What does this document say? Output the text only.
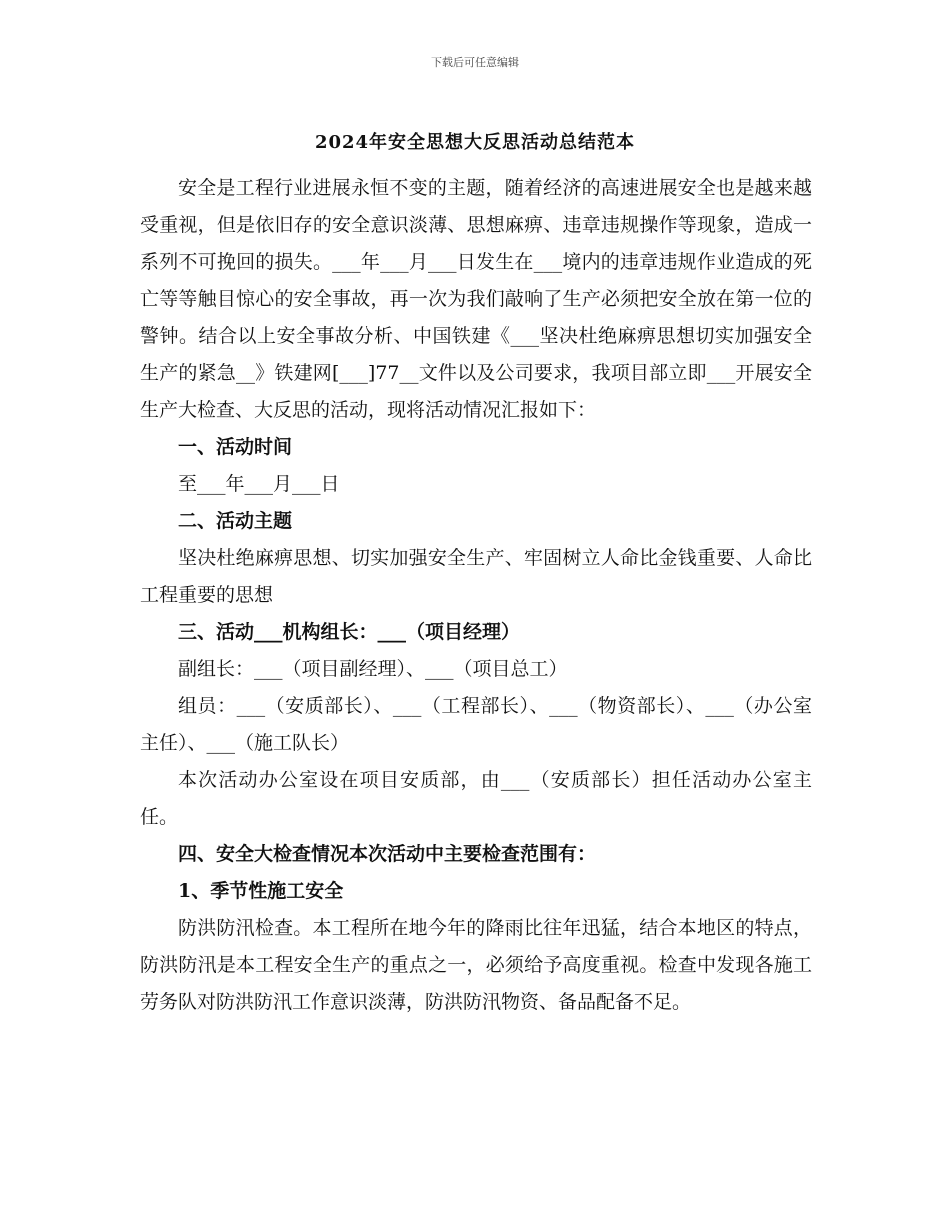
下载后可任意编辑
2024年安全思想大反思活动总结范本

安全是工程行业进展永恒不变的主题，随着经济的高速进展安全也是越来越受重视，但是依旧存的安全意识淡薄、思想麻痹、违章违规操作等现象，造成一系列不可挽回的损失。___年___月___日发生在___境内的违章违规作业造成的死亡等等触目惊心的安全事故，再一次为我们敲响了生产必须把安全放在第一位的警钟。结合以上安全事故分析、中国铁建《___坚决杜绝麻痹思想切实加强安全生产的紧急__》铁建网[___]77__文件以及公司要求，我项目部立即___开展安全生产大检查、大反思的活动，现将活动情况汇报如下：

一、活动时间

至___年___月___日

二、活动主题

坚决杜绝麻痹思想、切实加强安全生产、牢固树立人命比金钱重要、人命比工程重要的思想

三、活动___机构组长：___（项目经理）

副组长：___（项目副经理）、___（项目总工）

组员：___（安质部长）、___（工程部长）、___（物资部长）、___（办公室主任）、___（施工队长）

本次活动办公室设在项目安质部，由___（安质部长）担任活动办公室主任。

四、安全大检查情况本次活动中主要检查范围有：

1、季节性施工安全

防洪防汛检查。本工程所在地今年的降雨比往年迅猛，结合本地区的特点，防洪防汛是本工程安全生产的重点之一，必须给予高度重视。检查中发现各施工劳务队对防洪防汛工作意识淡薄，防洪防汛物资、备品配备不足。
